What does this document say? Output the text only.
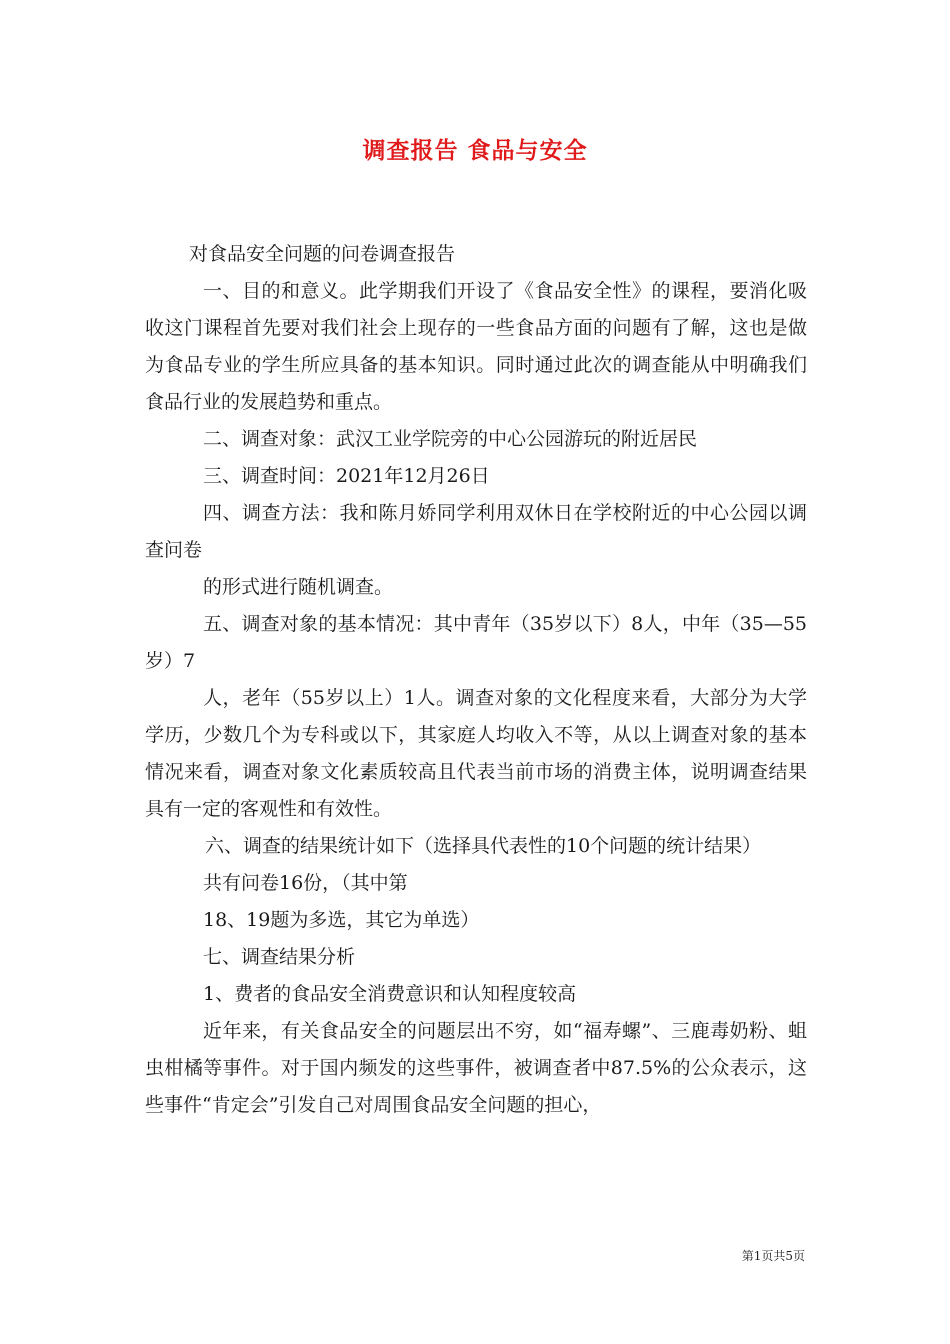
调查报告 食品与安全

对食品安全问题的问卷调查报告

一、目的和意义。此学期我们开设了《食品安全性》的课程，要消化吸收这门课程首先要对我们社会上现存的一些食品方面的问题有了解，这也是做为食品专业的学生所应具备的基本知识。同时通过此次的调查能从中明确我们食品行业的发展趋势和重点。

二、调查对象：武汉工业学院旁的中心公园游玩的附近居民

三、调查时间：2021年12月26日

四、调查方法：我和陈月娇同学利用双休日在学校附近的中心公园以调查问卷

的形式进行随机调查。

五、调查对象的基本情况：其中青年（35岁以下）8人，中年（35—55岁）7

人，老年（55岁以上）1人。调查对象的文化程度来看，大部分为大学学历，少数几个为专科或以下，其家庭人均收入不等，从以上调查对象的基本情况来看，调查对象文化素质较高且代表当前市场的消费主体，说明调查结果具有一定的客观性和有效性。

六、调查的结果统计如下（选择具代表性的10个问题的统计结果）

共有问卷16份，（其中第

18、19题为多选，其它为单选）

七、调查结果分析

1、费者的食品安全消费意识和认知程度较高

近年来，有关食品安全的问题层出不穷，如“福寿螺”、三鹿毒奶粉、蛆虫柑橘等事件。对于国内频发的这些事件，被调查者中87.5%的公众表示，这些事件“肯定会”引发自己对周围食品安全问题的担心，

第1页共5页
